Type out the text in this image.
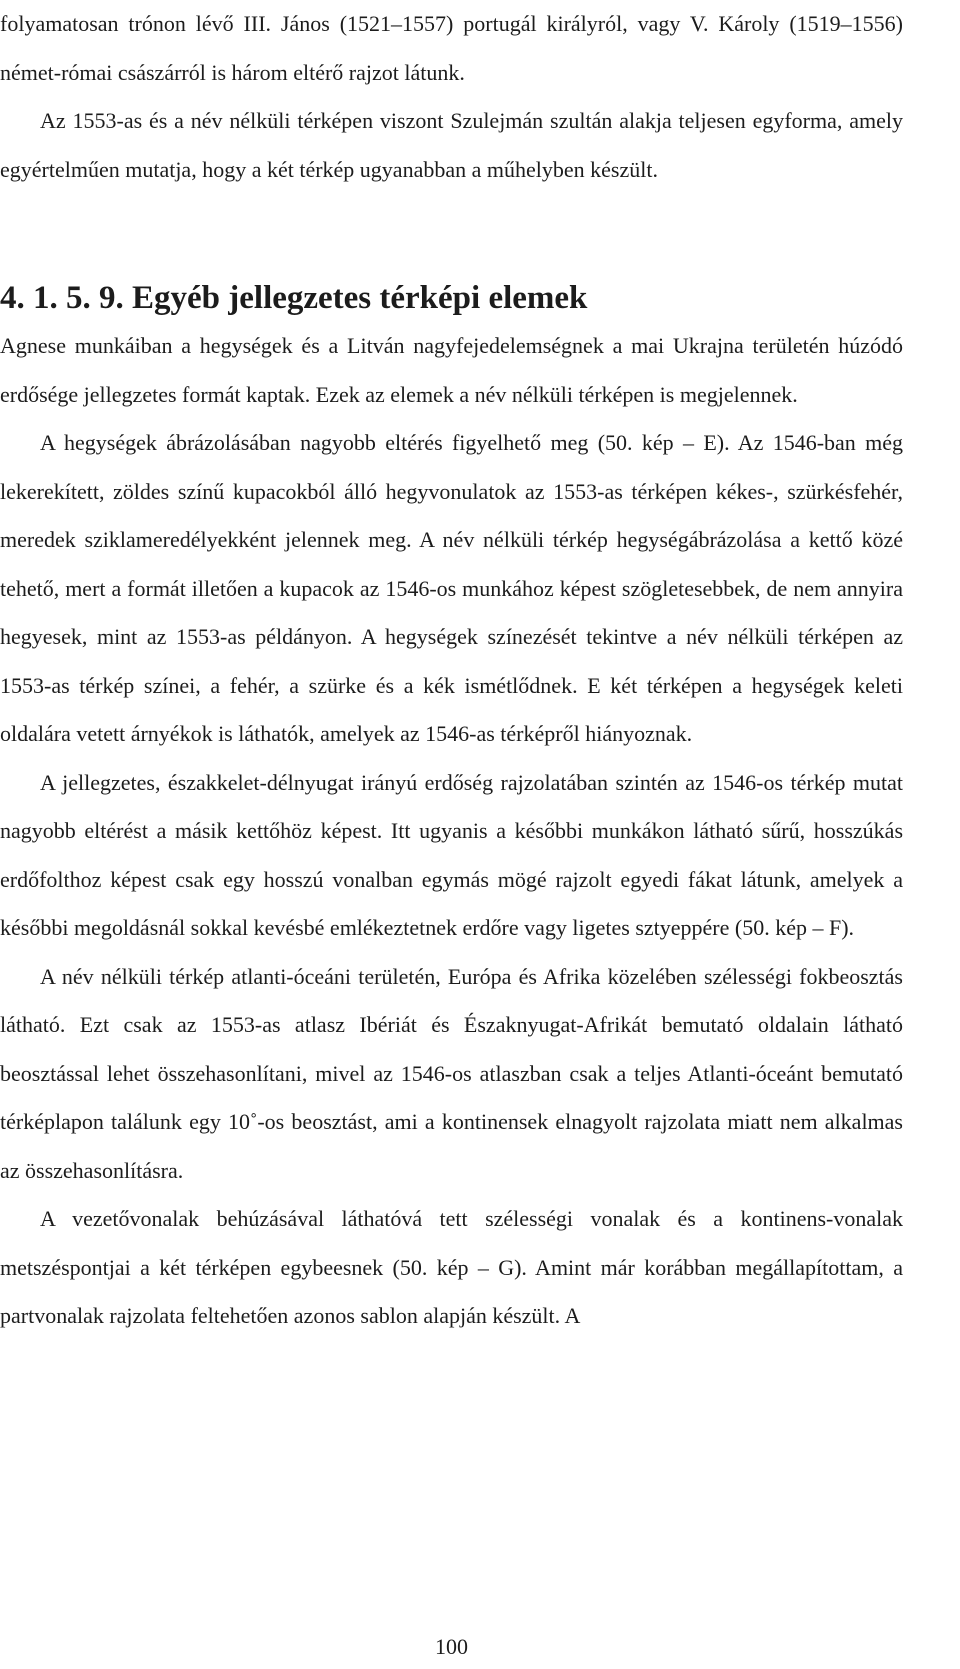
folyamatosan trónon lévő III. János (1521–1557) portugál királyról, vagy V. Károly (1519–1556) német-római császárról is három eltérő rajzot látunk.

Az 1553-as és a név nélküli térképen viszont Szulejmán szultán alakja teljesen egyforma, amely egyértelműen mutatja, hogy a két térkép ugyanabban a műhelyben készült.

4. 1. 5. 9. Egyéb jellegzetes térképi elemek

Agnese munkáiban a hegységek és a Litván nagyfejedelemségnek a mai Ukrajna területén húzódó erdősége jellegzetes formát kaptak. Ezek az elemek a név nélküli térképen is megjelennek.

A hegységek ábrázolásában nagyobb eltérés figyelhető meg (50. kép – E). Az 1546-ban még lekerekített, zöldes színű kupacokból álló hegyvonulatok az 1553-as térképen kékes-, szürkésfehér, meredek sziklameredélyekként jelennek meg. A név nélküli térkép hegységábrázolása a kettő közé tehető, mert a formát illetően a kupacok az 1546-os munkához képest szögletesebbek, de nem annyira hegyesek, mint az 1553-as példányon. A hegységek színezését tekintve a név nélküli térképen az 1553-as térkép színei, a fehér, a szürke és a kék ismétlődnek. E két térképen a hegységek keleti oldalára vetett árnyékok is láthatók, amelyek az 1546-as térképről hiányoznak.

A jellegzetes, északkelet-délnyugat irányú erdőség rajzolatában szintén az 1546-os térkép mutat nagyobb eltérést a másik kettőhöz képest. Itt ugyanis a későbbi munkákon látható sűrű, hosszúkás erdőfolthoz képest csak egy hosszú vonalban egymás mögé rajzolt egyedi fákat látunk, amelyek a későbbi megoldásnál sokkal kevésbé emlékeztetnek erdőre vagy ligetes sztyeppére (50. kép – F).

A név nélküli térkép atlanti-óceáni területén, Európa és Afrika közelében szélességi fokbeosztás látható. Ezt csak az 1553-as atlasz Ibériát és Északnyugat-Afrikát bemutató oldalain látható beosztással lehet összehasonlítani, mivel az 1546-os atlaszban csak a teljes Atlanti-óceánt bemutató térképlapon találunk egy 10˚-os beosztást, ami a kontinensek elnagyolt rajzolata miatt nem alkalmas az összehasonlításra.

A vezetővonalak behúzásával láthatóvá tett szélességi vonalak és a kontinens-vonalak metszéspontjai a két térképen egybeesnek (50. kép – G). Amint már korábban megállapítottam, a partvonalak rajzolata feltehetően azonos sablon alapján készült. A

100
